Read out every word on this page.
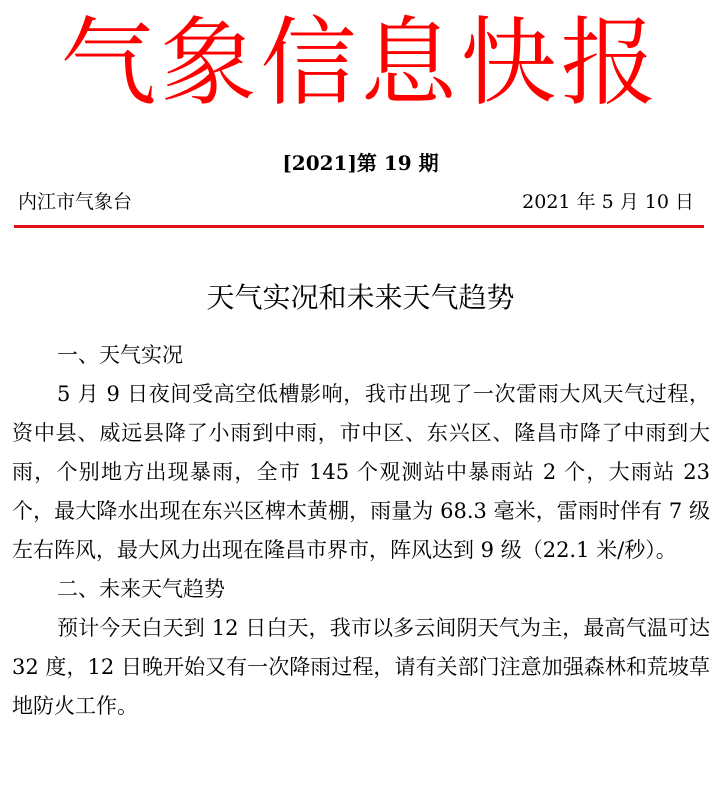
气象信息快报
[2021]第 19 期
内江市气象台	2021 年 5 月 10 日
天气实况和未来天气趋势

一、天气实况

5 月 9 日夜间受高空低槽影响，我市出现了一次雷雨大风天气过程，资中县、威远县降了小雨到中雨，市中区、东兴区、隆昌市降了中雨到大雨，个别地方出现暴雨，全市 145 个观测站中暴雨站 2 个，大雨站 23 个，最大降水出现在东兴区椑木黄棚，雨量为 68.3 毫米，雷雨时伴有 7 级左右阵风，最大风力出现在隆昌市界市，阵风达到 9 级（22.1 米/秒）。

二、未来天气趋势

预计今天白天到 12 日白天，我市以多云间阴天气为主，最高气温可达 32 度，12 日晚开始又有一次降雨过程，请有关部门注意加强森林和荒坡草地防火工作。
